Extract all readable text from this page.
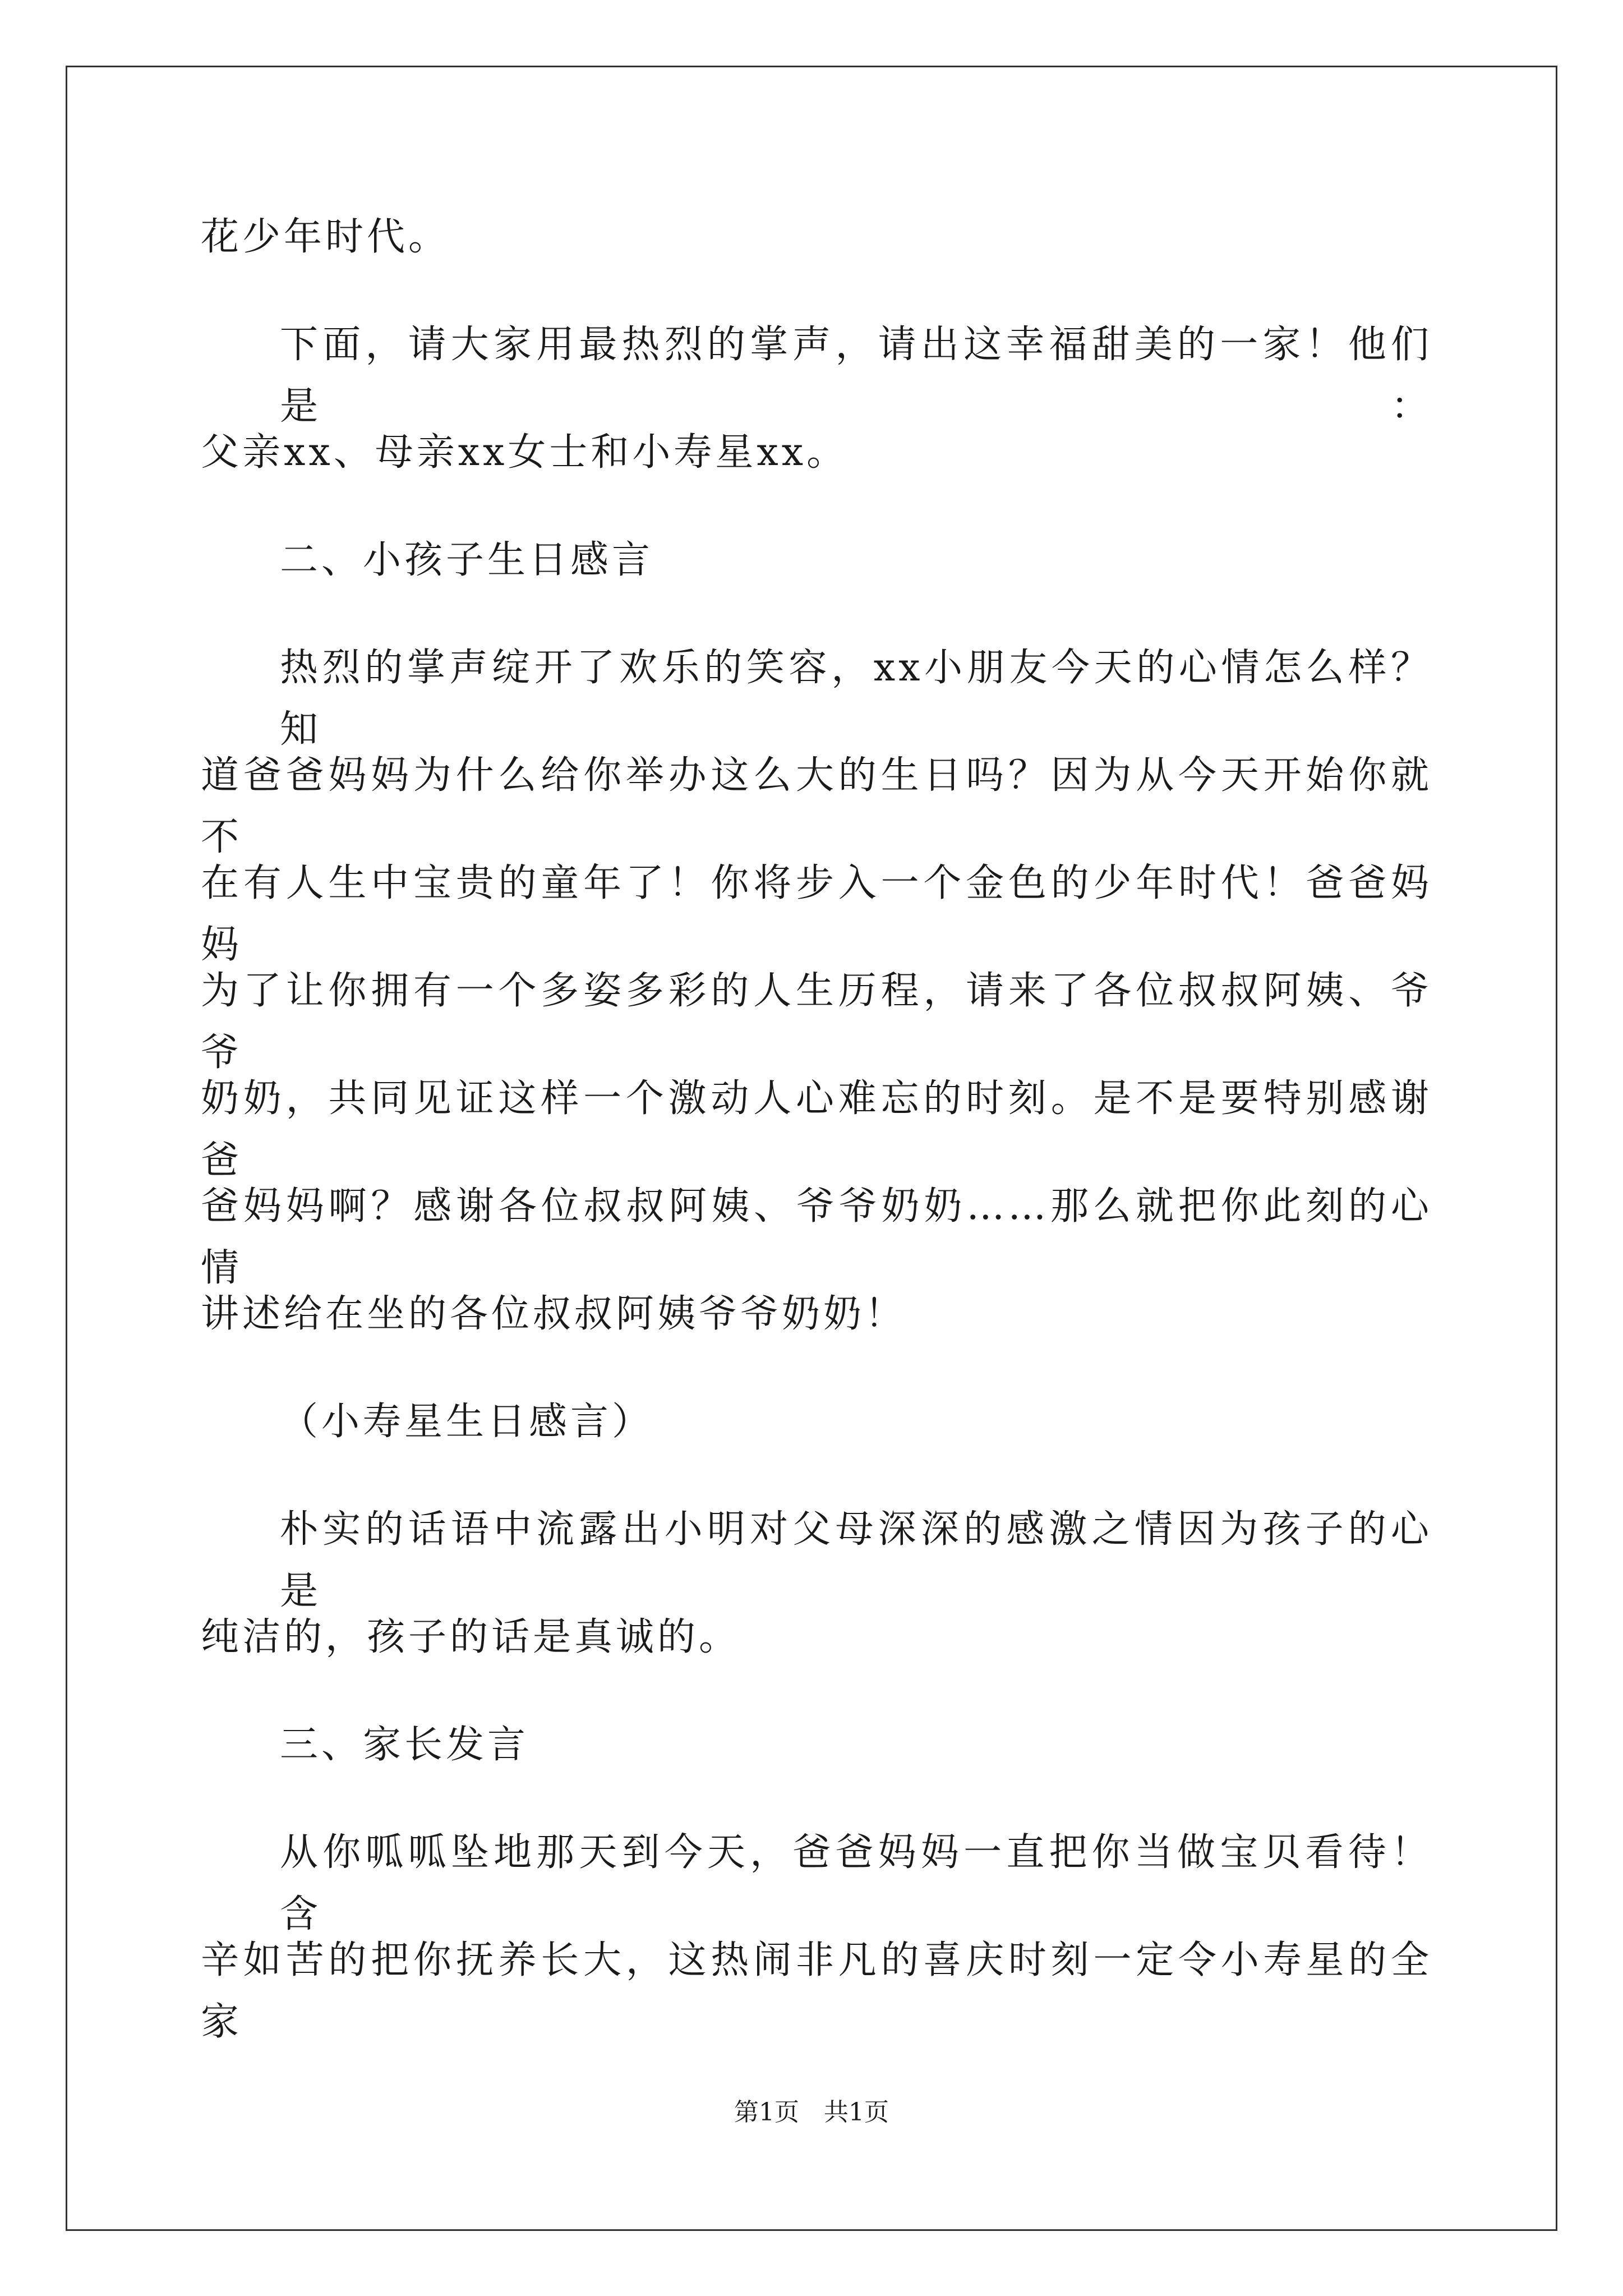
花少年时代。
下面，请大家用最热烈的掌声，请出这幸福甜美的一家！他们是：
父亲xx、母亲xx女士和小寿星xx。
二、小孩子生日感言
热烈的掌声绽开了欢乐的笑容，xx小朋友今天的心情怎么样？知
道爸爸妈妈为什么给你举办这么大的生日吗？因为从今天开始你就不
在有人生中宝贵的童年了！你将步入一个金色的少年时代！爸爸妈妈
为了让你拥有一个多姿多彩的人生历程，请来了各位叔叔阿姨、爷爷
奶奶，共同见证这样一个激动人心难忘的时刻。是不是要特别感谢爸
爸妈妈啊？感谢各位叔叔阿姨、爷爷奶奶……那么就把你此刻的心情
讲述给在坐的各位叔叔阿姨爷爷奶奶！
（小寿星生日感言）
朴实的话语中流露出小明对父母深深的感激之情因为孩子的心是
纯洁的，孩子的话是真诚的。
三、家长发言
从你呱呱坠地那天到今天，爸爸妈妈一直把你当做宝贝看待！含
辛如苦的把你抚养长大，这热闹非凡的喜庆时刻一定令小寿星的全家
第1页 共1页
